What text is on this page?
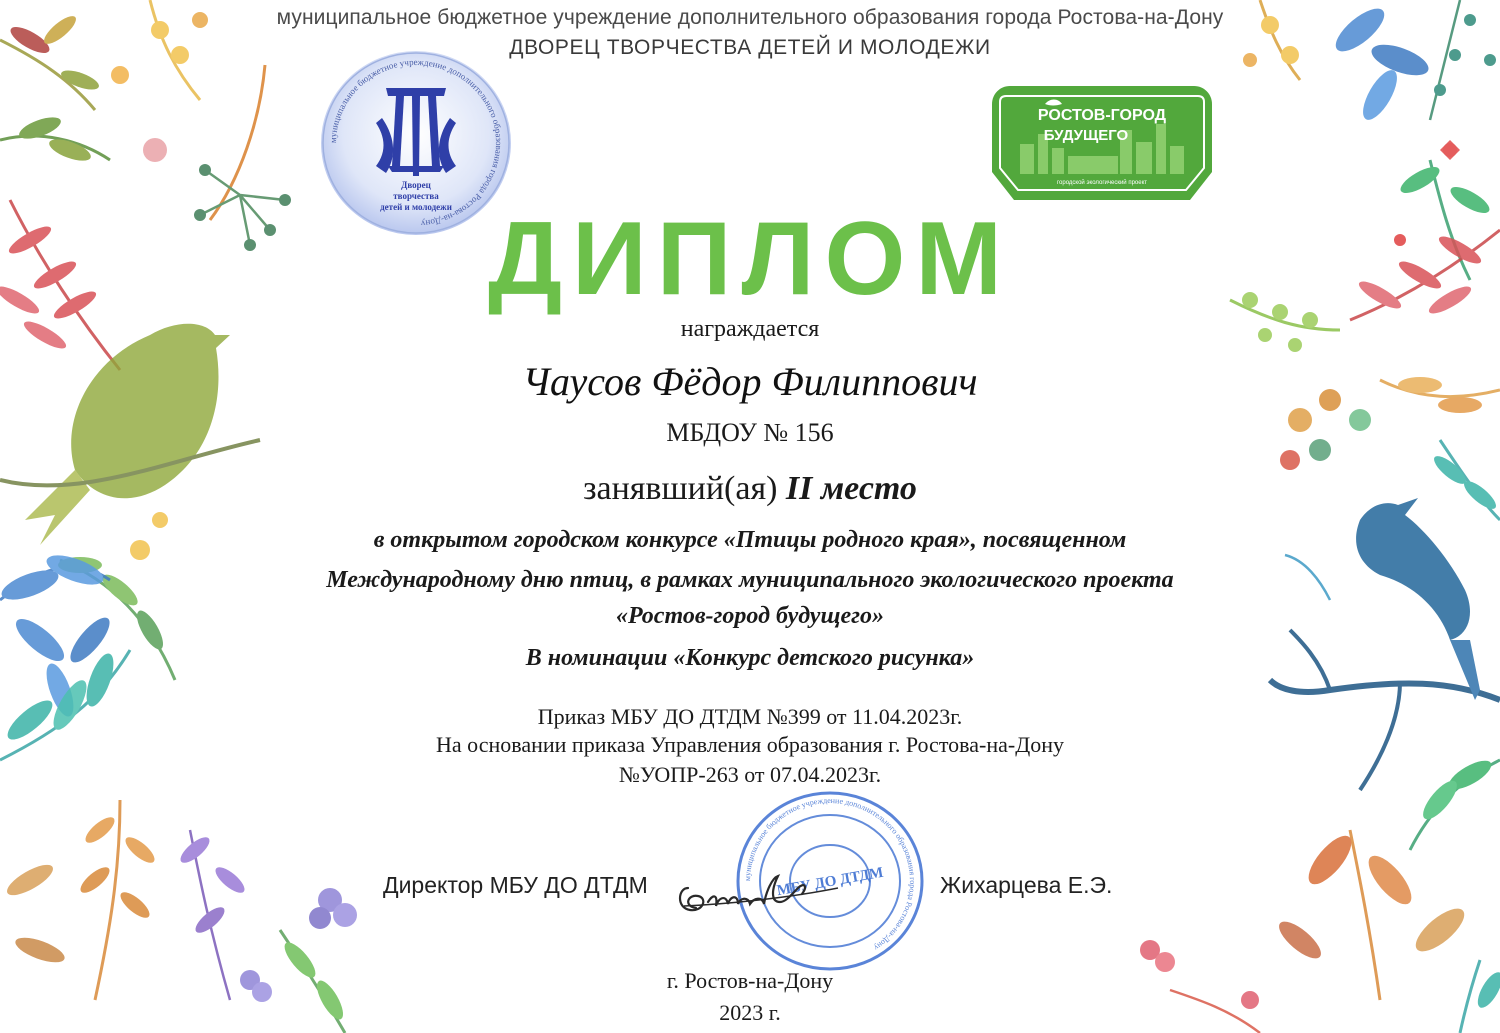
муниципальное бюджетное учреждение дополнительного образования города Ростова-на-Дону
ДВОРЕЦ ТВОРЧЕСТВА ДЕТЕЙ И МОЛОДЕЖИ
муниципальное бюджетное учреждение дополнительного образования города Ростова-на-Дону
Дворец
творчества
детей и молодежи
РОСТОВ-ГОРОД
БУДУЩЕГО
городской экологический проект
ДИПЛОМ
награждается
Чаусов Фёдор Филиппович
МБДОУ № 156
занявший(ая) II место
в открытом городском конкурсе «Птицы родного края», посвященном
Международному дню птиц, в рамках муниципального экологического проекта
«Ростов-город будущего»
В номинации «Конкурс детского рисунка»
Приказ МБУ ДО ДТДМ №399 от 11.04.2023г.
На основании приказа Управления образования г. Ростова-на-Дону
№УОПР-263 от 07.04.2023г.
Директор МБУ ДО ДТДМ	муниципальное бюджетное учреждение дополнительного образования города Ростова-на-Дону
МБУ ДО ДТДМ Жихарцева Е.Э.
г. Ростов-на-Дону
2023 г.
